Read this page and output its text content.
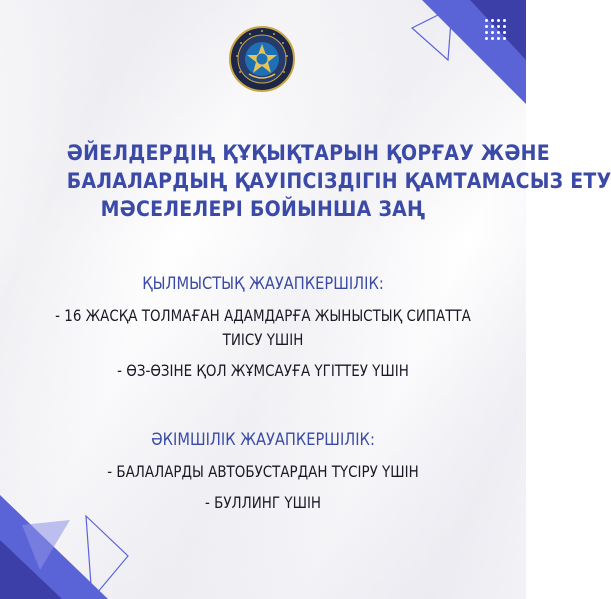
ӘЙЕЛДЕРДІҢ ҚҰҚЫҚТАРЫН ҚОРҒАУ ЖӘНЕ
БАЛАЛАРДЫҢ ҚАУІПСІЗДІГІН ҚАМТАМАСЫЗ ЕТУ
МӘСЕЛЕЛЕРІ БОЙЫНША ЗАҢ
ҚЫЛМЫСТЫҚ ЖАУАПКЕРШІЛІК:
- 16 ЖАСҚА ТОЛМАҒАН АДАМДАРҒА ЖЫНЫСТЫҚ СИПАТТА
ТИІСУ ҮШІН
- ӨЗ-ӨЗІНЕ ҚОЛ ЖҰМСАУҒА ҮГІТТЕУ ҮШІН
ӘКІМШІЛІК ЖАУАПКЕРШІЛІК:
- БАЛАЛАРДЫ АВТОБУСТАРДАН ТҮСІРУ ҮШІН
- БУЛЛИНГ ҮШІН
